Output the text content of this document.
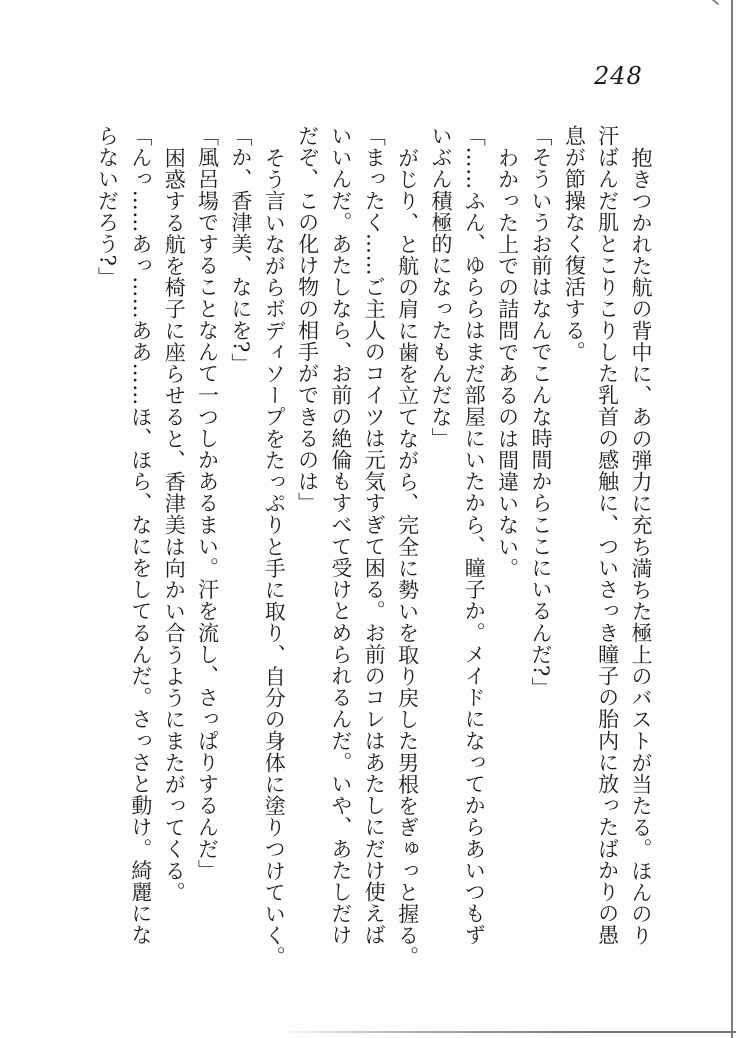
248
抱きつかれた航の背中に、あの弾力に充ち満ちた極上のバストが当たる。ほんのり
汗ばんだ肌とこりこりした乳首の感触に、ついさっき瞳子の胎内に放ったばかりの愚
息が節操なく復活する。
「そういうお前はなんでこんな時間からここにいるんだ?」
わかった上での詰問であるのは間違いない。
「……ふん、ゆららはまだ部屋にいたから、瞳子か。メイドになってからあいつもず
いぶん積極的になったもんだな」
がじり、と航の肩に歯を立てながら、完全に勢いを取り戻した男根をぎゅっと握る。
「まったく……ご主人のコイツは元気すぎて困る。お前のコレはあたしにだけ使えば
いいんだ。あたしなら、お前の絶倫もすべて受けとめられるんだ。いや、あたしだけ
だぞ、この化け物の相手ができるのは」
そう言いながらボディソープをたっぷりと手に取り、自分の身体に塗りつけていく。
「か、香津美、なにを?」
「風呂場ですることなんて一つしかあるまい。汗を流し、さっぱりするんだ」
困惑する航を椅子に座らせると、香津美は向かい合うようにまたがってくる。
「んっ……あっ……ああ……ほ、ほら、なにをしてるんだ。さっさと動け。綺麗にな
らないだろう?」
